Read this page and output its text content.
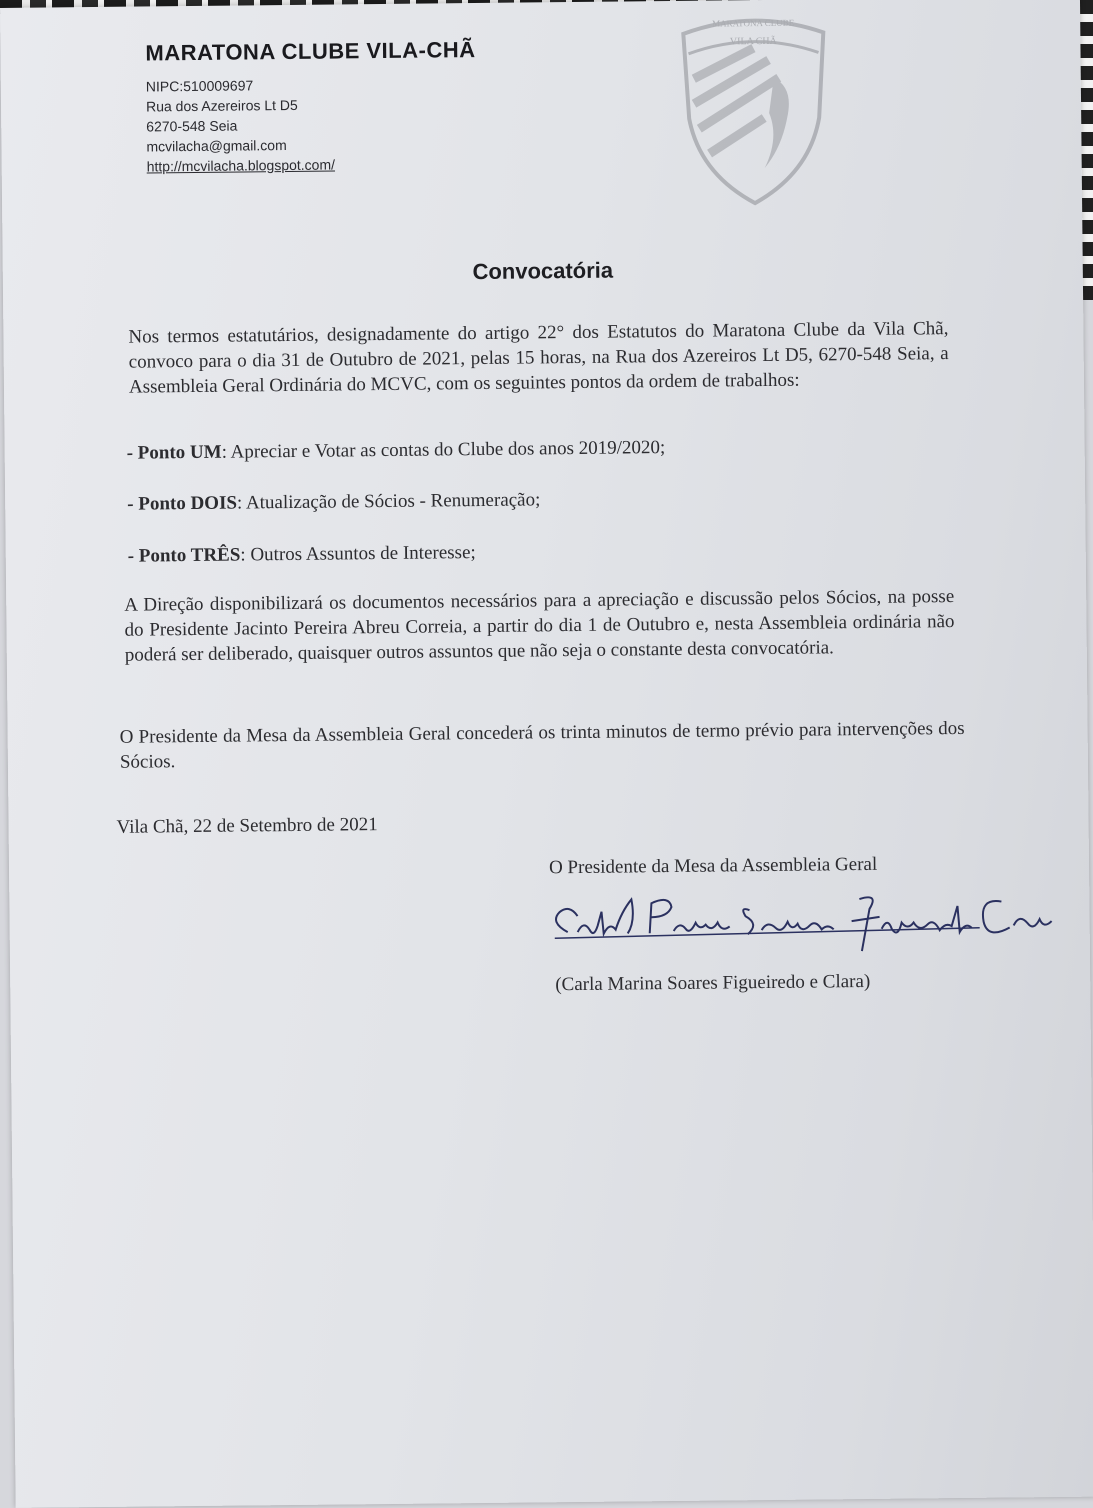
MARATONA CLUBE VILA-CHÃ
NIPC:510009697
Rua dos Azereiros Lt D5
6270-548 Seia
mcvilacha@gmail.com
http://mcvilacha.blogspot.com/
MARATONA CLUBE
VILA CHÃ
Convocatória
Nos termos estatutários, designadamente do artigo 22° dos Estatutos do Maratona Clube da Vila Chã, convoco para o dia 31 de Outubro de 2021, pelas 15 horas, na Rua dos Azereiros Lt D5, 6270-548 Seia, a Assembleia Geral Ordinária do MCVC, com os seguintes pontos da ordem de trabalhos:
- Ponto UM: Apreciar e Votar as contas do Clube dos anos 2019/2020;
- Ponto DOIS: Atualização de Sócios - Renumeração;
- Ponto TRÊS: Outros Assuntos de Interesse;
A Direção disponibilizará os documentos necessários para a apreciação e discussão pelos Sócios, na posse do Presidente Jacinto Pereira Abreu Correia, a partir do dia 1 de Outubro e, nesta Assembleia ordinária não poderá ser deliberado, quaisquer outros assuntos que não seja o constante desta convocatória.
O Presidente da Mesa da Assembleia Geral concederá os trinta minutos de termo prévio para intervenções dos Sócios.
Vila Chã, 22 de Setembro de 2021
O Presidente da Mesa da Assembleia Geral
(Carla Marina Soares Figueiredo e Clara)
